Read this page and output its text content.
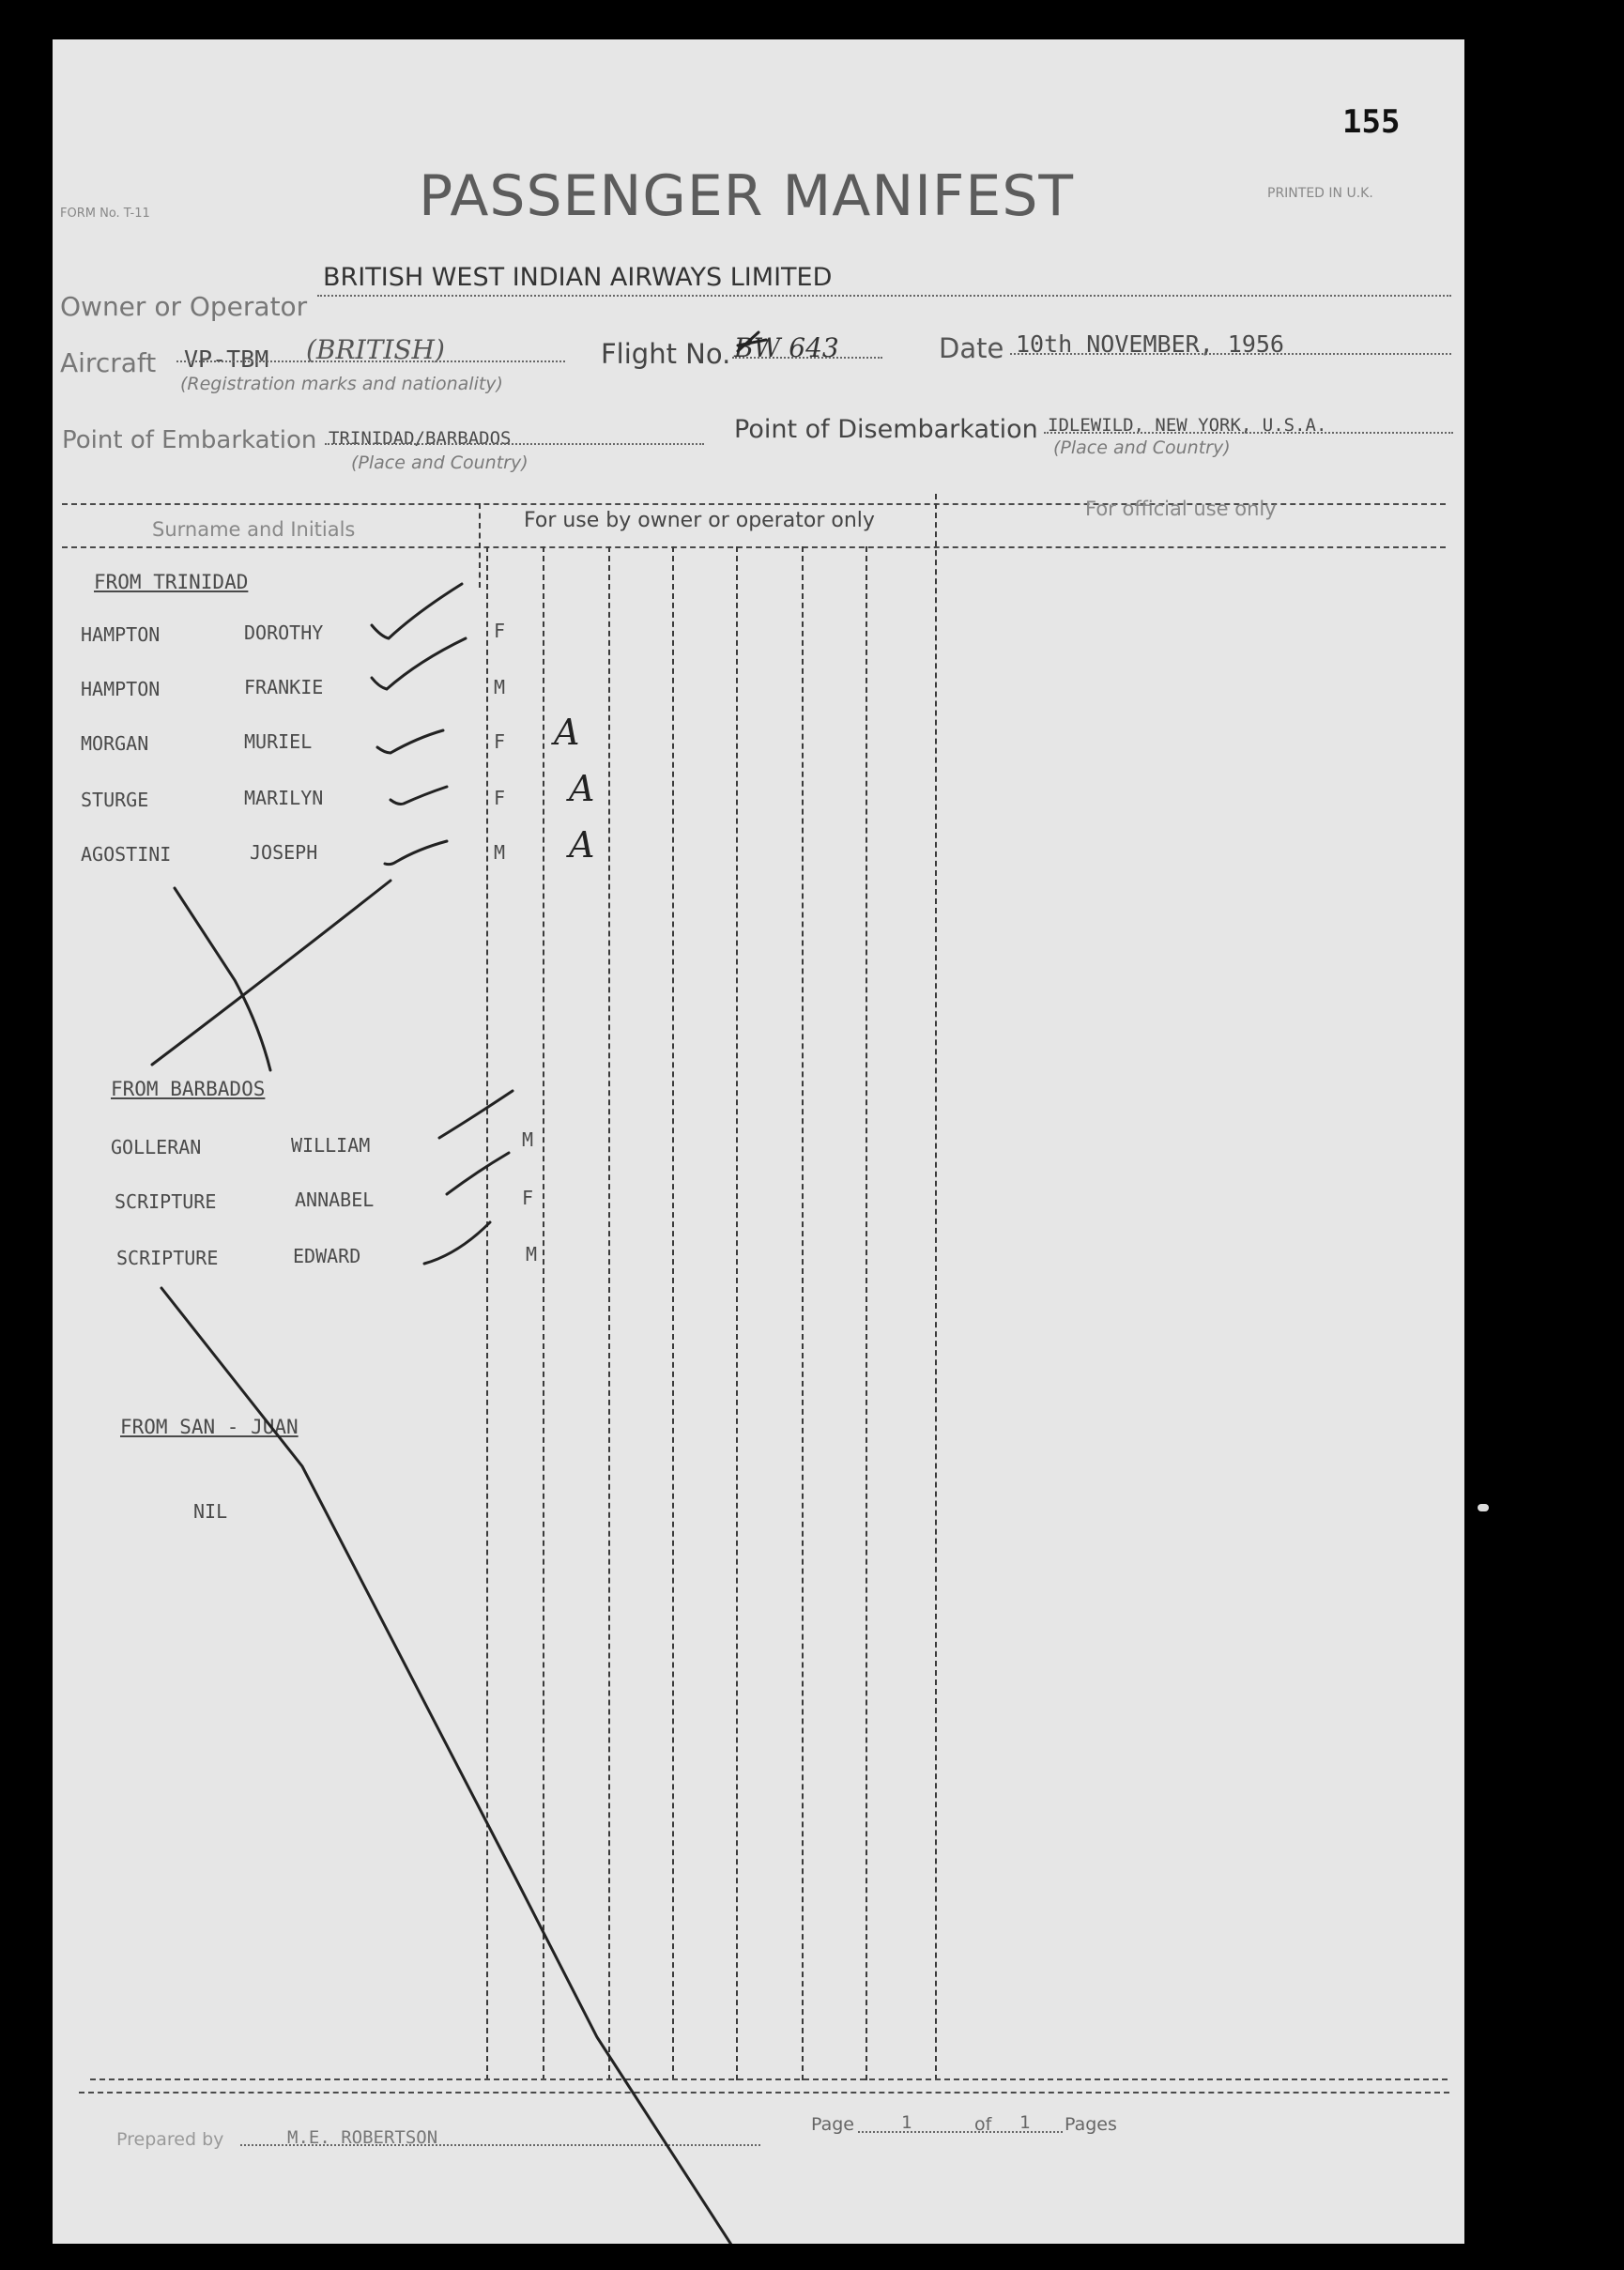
155
FORM No. T-11	PASSENGER MANIFEST	PRINTED IN U.K.
Owner or Operator
BRITISH WEST INDIAN AIRWAYS LIMITED
Aircraft VP-TBM (BRITISH)
(Registration marks and nationality)
Flight No. BW 643	Date 10th NOVEMBER, 1956
Point of Embarkation TRINIDAD/BARBADOS
(Place and Country)
Point of Disembarkation IDLEWILD, NEW YORK, U.S.A.
(Place and Country)
Surname and Initials	For use by owner or operator only	For official use only
FROM TRINIDAD
HAMPTON	DOROTHY	F
HAMPTON	FRANKIE	M
MORGAN	MURIEL	F A
STURGE	MARILYN	F A
AGOSTINI	JOSEPH	M A
FROM BARBADOS
GOLLERAN	WILLIAM	M
SCRIPTURE	ANNABEL	F
SCRIPTURE	EDWARD	M
FROM SAN - JUAN
NIL
Prepared by	M.E. ROBERTSON
Page	1	of 1 Pages
